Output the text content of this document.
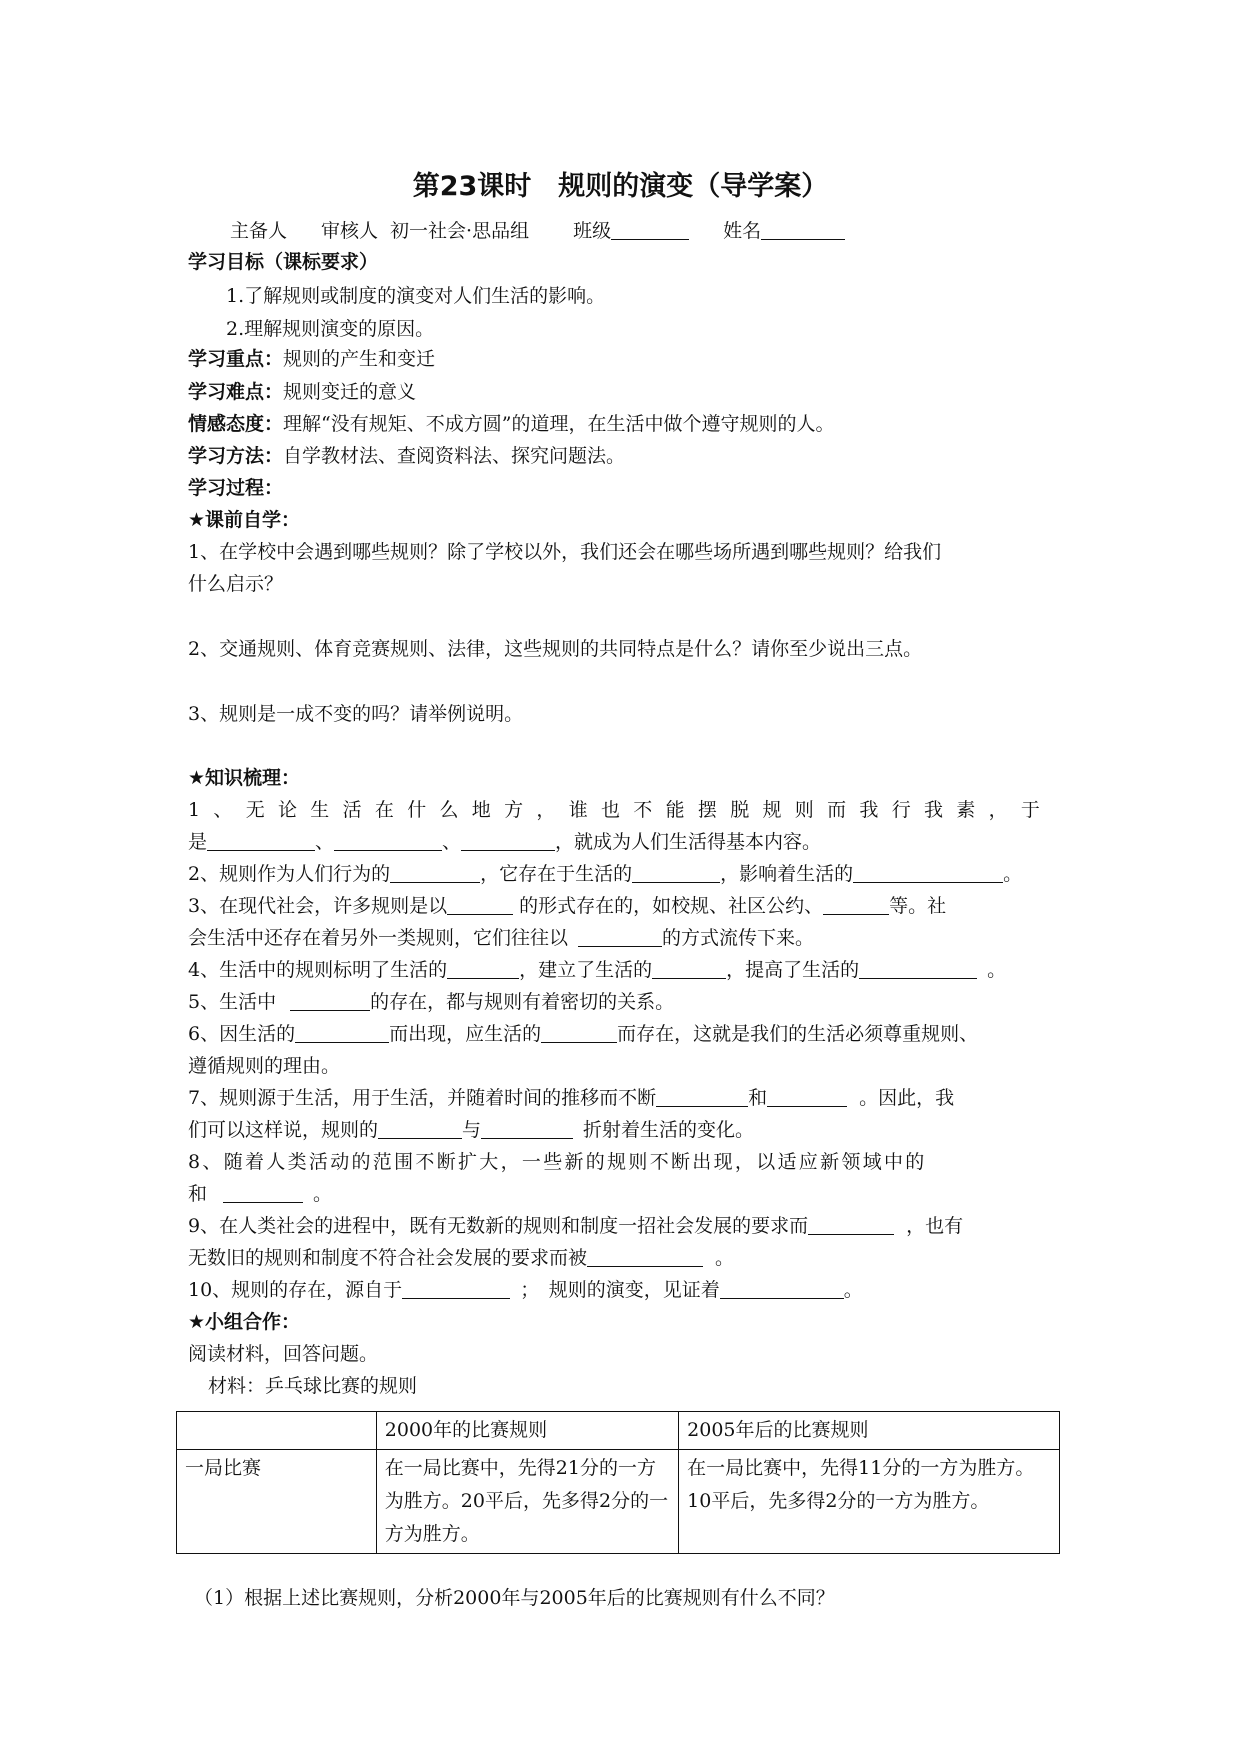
第23课时　规则的演变（导学案）
主备人 审核人 初一社会·思品组 班级	姓名
学习目标（课标要求）
1.了解规则或制度的演变对人们生活的影响。
2.理解规则演变的原因。
学习重点：规则的产生和变迁
学习难点：规则变迁的意义
情感态度：理解“没有规矩、不成方圆”的道理，在生活中做个遵守规则的人。
学习方法：自学教材法、查阅资料法、探究问题法。
学习过程：
★课前自学：
1、在学校中会遇到哪些规则？除了学校以外，我们还会在哪些场所遇到哪些规则？给我们
什么启示？
2、交通规则、体育竞赛规则、法律，这些规则的共同特点是什么？请你至少说出三点。
3、规则是一成不变的吗？请举例说明。
★知识梳理：
1、无论生活在什么地方，谁也不能摆脱规则而我行我素，于
是	、	、	，就成为人们生活得基本内容。
2、规则作为人们行为的	，它存在于生活的	，影响着生活的	。
3、在现代社会，许多规则是以	的形式存在的，如校规、社区公约、	等。社
会生活中还存在着另外一类规则，它们往往以	的方式流传下来。
4、生活中的规则标明了生活的	，建立了生活的	，提高了生活的	。
5、生活中	的存在，都与规则有着密切的关系。
6、因生活的	而出现，应生活的	而存在，这就是我们的生活必须尊重规则、
遵循规则的理由。
7、规则源于生活，用于生活，并随着时间的推移而不断	和	。因此，我
们可以这样说，规则的	与	折射着生活的变化。
8、随着人类活动的范围不断扩大，一些新的规则不断出现，以适应新领域中的
和	。
9、在人类社会的进程中，既有无数新的规则和制度一招社会发展的要求而	，也有
无数旧的规则和制度不符合社会发展的要求而被	。
10、规则的存在，源自于	；　规则的演变，见证着	。
★小组合作：
阅读材料，回答问题。
材料：乒乓球比赛的规则
	2000年的比赛规则	2005年后的比赛规则
一局比赛	在一局比赛中，先得21分的一方为胜方。20平后，先多得2分的一方为胜方。	在一局比赛中，先得11分的一方为胜方。10平后，先多得2分的一方为胜方。
（1）根据上述比赛规则，分析2000年与2005年后的比赛规则有什么不同？
